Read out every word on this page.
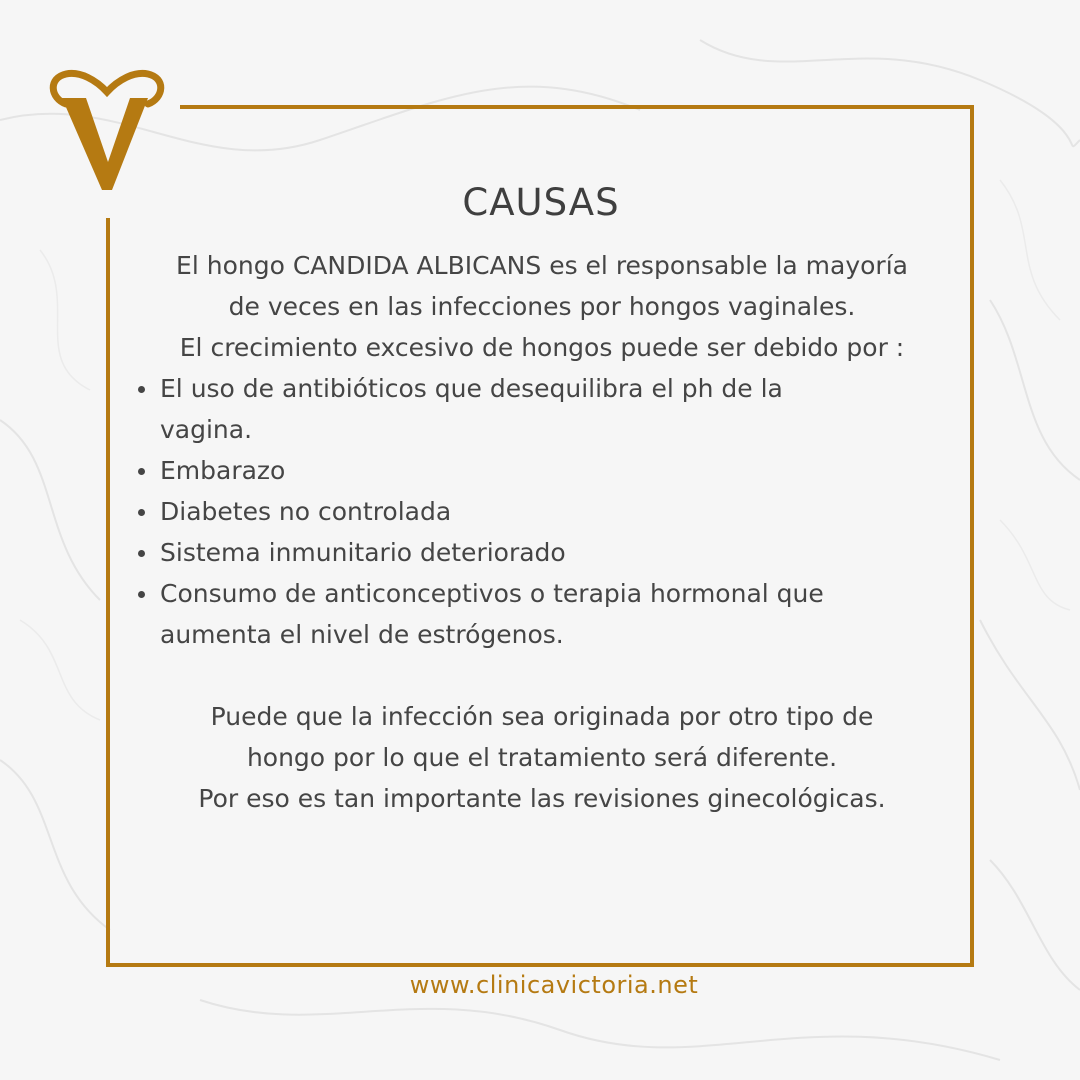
CAUSAS

El hongo CANDIDA ALBICANS es el responsable la mayoría

de veces en las infecciones por hongos vaginales.

El crecimiento excesivo de hongos puede ser debido por :

El uso de antibióticos que desequilibra el ph de la
vagina.
Embarazo
Diabetes no controlada
Sistema inmunitario deteriorado
Consumo de anticonceptivos o terapia hormonal que
aumenta el nivel de estrógenos.

Puede que la infección sea originada por otro tipo de

hongo por lo que el tratamiento será diferente.

Por eso es tan importante las revisiones ginecológicas.

www.clinicavictoria.net
